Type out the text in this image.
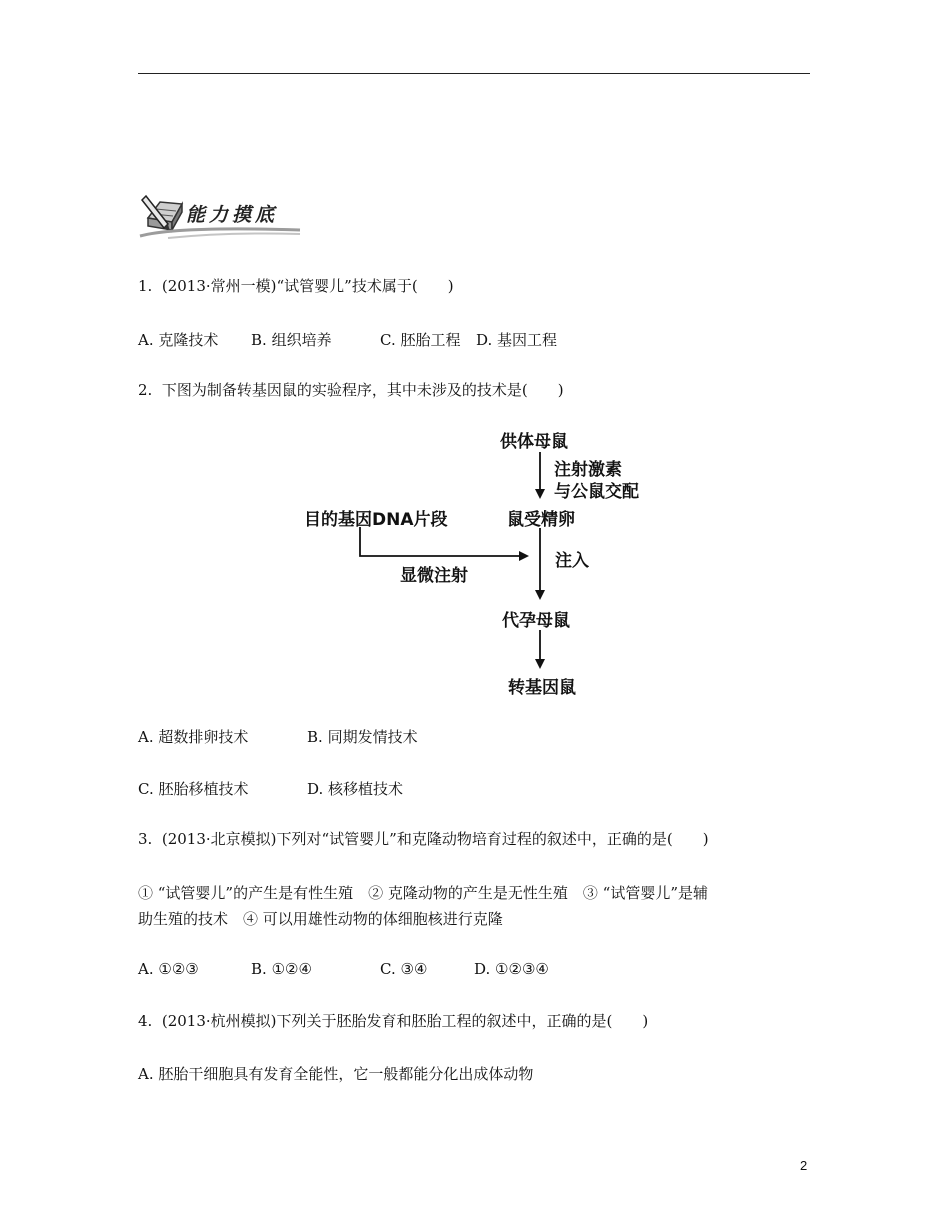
能力摸底
1. (2013·常州一模)“试管婴儿”技术属于(　　)
A. 克隆技术 B. 组织培养	C. 胚胎工程 D. 基因工程
2. 下图为制备转基因鼠的实验程序，其中未涉及的技术是(　　)
供体母鼠
注射激素
与公鼠交配
目的基因DNA片段	鼠受精卵
注入
显微注射
代孕母鼠
转基因鼠
A. 超数排卵技术	B. 同期发情技术
C. 胚胎移植技术	D. 核移植技术
3. (2013·北京模拟)下列对“试管婴儿”和克隆动物培育过程的叙述中，正确的是(　　)
① “试管婴儿”的产生是有性生殖　② 克隆动物的产生是无性生殖　③ “试管婴儿”是辅
助生殖的技术　④ 可以用雄性动物的体细胞核进行克隆
A. ①②③	B. ①②④	C. ③④	D. ①②③④
4. (2013·杭州模拟)下列关于胚胎发育和胚胎工程的叙述中，正确的是(　　)
A. 胚胎干细胞具有发育全能性，它一般都能分化出成体动物
2
